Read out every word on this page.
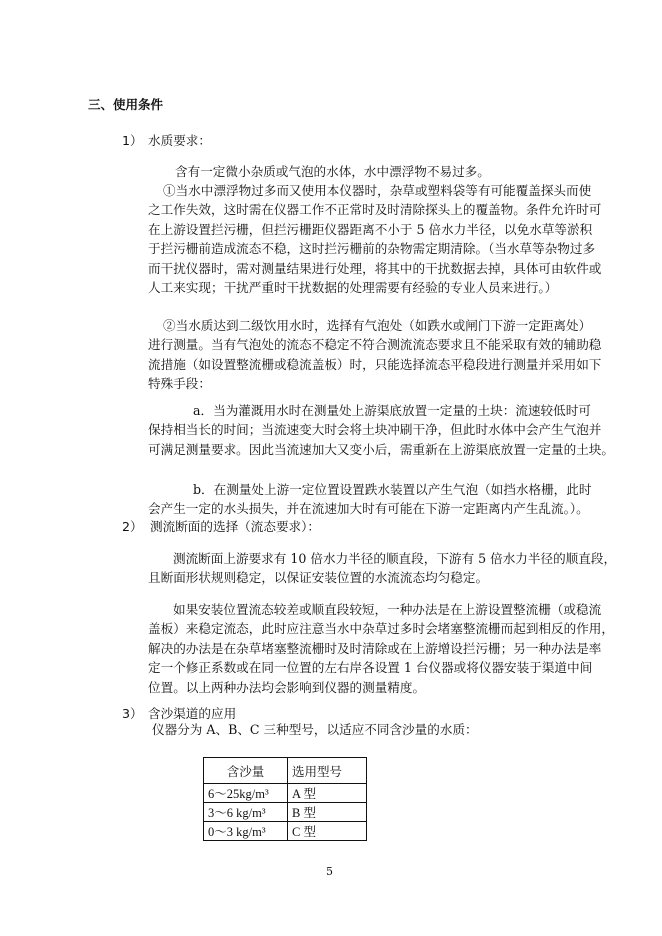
三、使用条件
1） 水质要求：
含有一定微小杂质或气泡的水体，水中漂浮物不易过多。
①当水中漂浮物过多而又使用本仪器时，杂草或塑料袋等有可能覆盖探头而使
之工作失效，这时需在仪器工作不正常时及时清除探头上的覆盖物。条件允许时可
在上游设置拦污栅，但拦污栅距仪器距离不小于 5 倍水力半径，以免水草等淤积
于拦污栅前造成流态不稳，这时拦污栅前的杂物需定期清除。（当水草等杂物过多
而干扰仪器时，需对测量结果进行处理，将其中的干扰数据去掉，具体可由软件或
人工来实现；干扰严重时干扰数据的处理需要有经验的专业人员来进行。）
②当水质达到二级饮用水时，选择有气泡处（如跌水或闸门下游一定距离处）
进行测量。当有气泡处的流态不稳定不符合测流流态要求且不能采取有效的辅助稳
流措施（如设置整流栅或稳流盖板）时，只能选择流态平稳段进行测量并采用如下
特殊手段：
a．当为灌溉用水时在测量处上游渠底放置一定量的土块：流速较低时可
保持相当长的时间；当流速变大时会将土块冲刷干净，但此时水体中会产生气泡并
可满足测量要求。因此当流速加大又变小后，需重新在上游渠底放置一定量的土块。
b．在测量处上游一定位置设置跌水装置以产生气泡（如挡水格栅，此时
会产生一定的水头损失，并在流速加大时有可能在下游一定距离内产生乱流。）。
2） 测流断面的选择（流态要求）：
测流断面上游要求有 10 倍水力半径的顺直段，下游有 5 倍水力半径的顺直段，
且断面形状规则稳定，以保证安装位置的水流流态均匀稳定。
如果安装位置流态较差或顺直段较短，一种办法是在上游设置整流栅（或稳流
盖板）来稳定流态，此时应注意当水中杂草过多时会堵塞整流栅而起到相反的作用，
解决的办法是在杂草堵塞整流栅时及时清除或在上游增设拦污栅；另一种办法是率
定一个修正系数或在同一位置的左右岸各设置 1 台仪器或将仪器安装于渠道中间
位置。以上两种办法均会影响到仪器的测量精度。
3） 含沙渠道的应用
仪器分为 A、B、C 三种型号，以适应不同含沙量的水质：
含沙量	选用型号
6～25kg/m³	A 型
3～6 kg/m³	B 型
0～3 kg/m³	C 型
5
